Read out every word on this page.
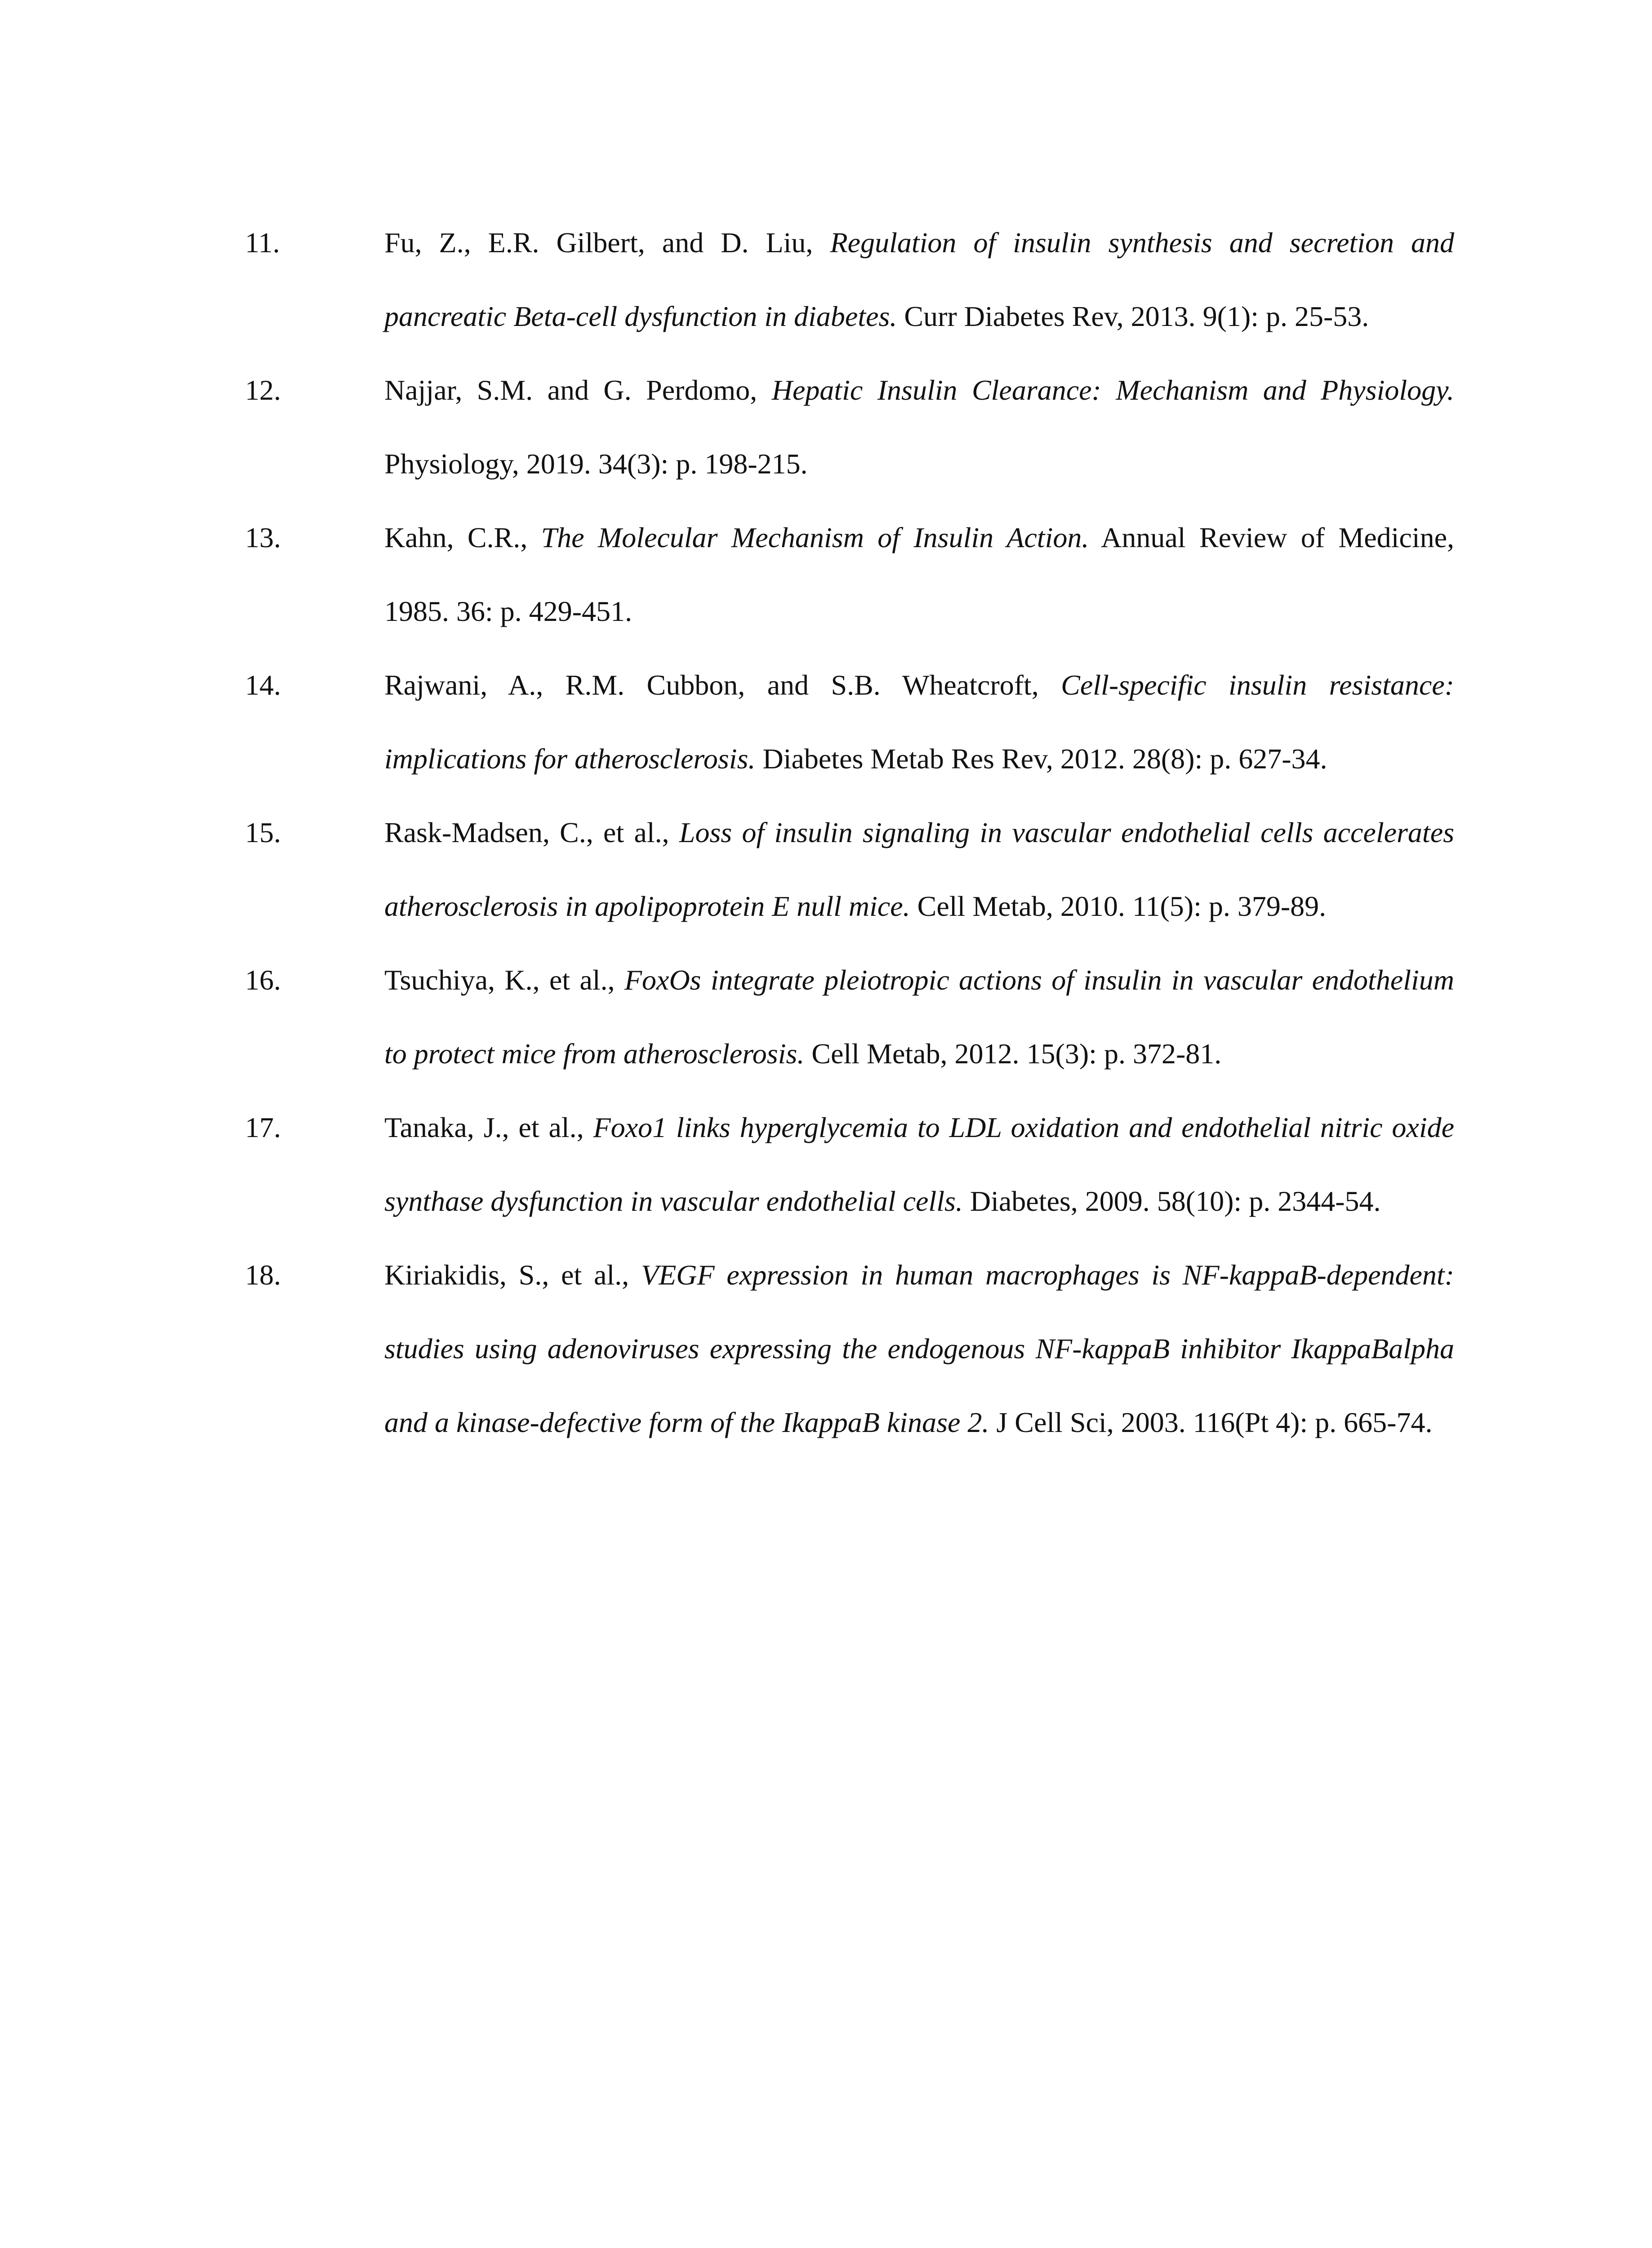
11.	Fu, Z., E.R. Gilbert, and D. Liu, Regulation of insulin synthesis and secretion and pancreatic Beta-cell dysfunction in diabetes. Curr Diabetes Rev, 2013. 9(1): p. 25-53.
12.	Najjar, S.M. and G. Perdomo, Hepatic Insulin Clearance: Mechanism and Physiology. Physiology, 2019. 34(3): p. 198-215.
13.	Kahn, C.R., The Molecular Mechanism of Insulin Action. Annual Review of Medicine, 1985. 36: p. 429-451.
14.	Rajwani, A., R.M. Cubbon, and S.B. Wheatcroft, Cell-specific insulin resistance: implications for atherosclerosis. Diabetes Metab Res Rev, 2012. 28(8): p. 627-34.
15.	Rask-Madsen, C., et al., Loss of insulin signaling in vascular endothelial cells accelerates atherosclerosis in apolipoprotein E null mice. Cell Metab, 2010. 11(5): p. 379-89.
16.	Tsuchiya, K., et al., FoxOs integrate pleiotropic actions of insulin in vascular endothelium to protect mice from atherosclerosis. Cell Metab, 2012. 15(3): p. 372-81.
17.	Tanaka, J., et al., Foxo1 links hyperglycemia to LDL oxidation and endothelial nitric oxide synthase dysfunction in vascular endothelial cells. Diabetes, 2009. 58(10): p. 2344-54.
18.	Kiriakidis, S., et al., VEGF expression in human macrophages is NF-kappaB-dependent: studies using adenoviruses expressing the endogenous NF-kappaB inhibitor IkappaBalpha and a kinase-defective form of the IkappaB kinase 2. J Cell Sci, 2003. 116(Pt 4): p. 665-74.
